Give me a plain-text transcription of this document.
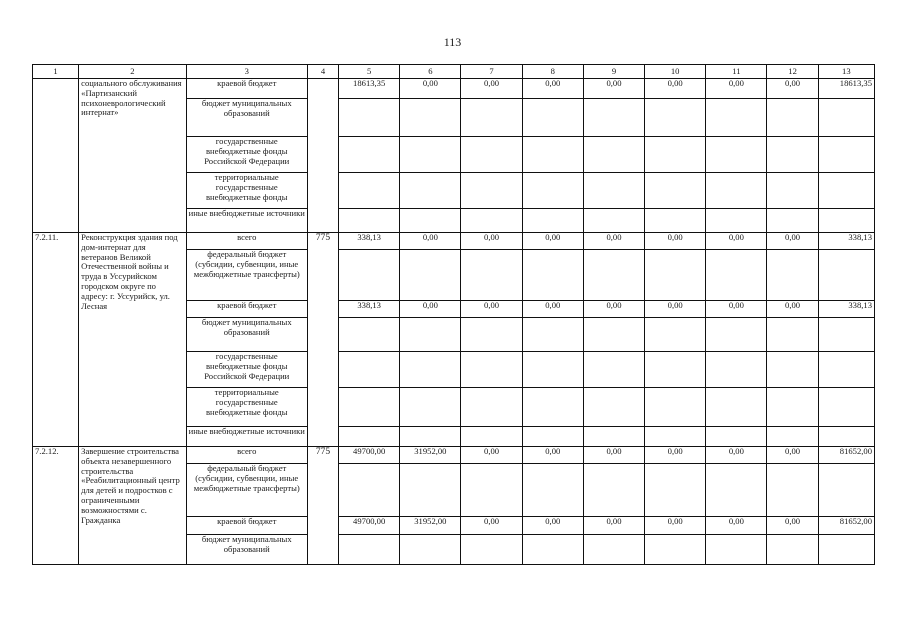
113
1	2	3	4	5	6	7	8	9	10	11	12	13
	социального обслуживания «Партизанский психоневрологический интернат»	краевой бюджет		18613,35	0,00	0,00	0,00	0,00	0,00	0,00	0,00	18613,35
		бюджет муниципальных образований										
		государственные внебюджетные фонды Российской Федерации										
		территориальные государственные внебюджетные фонды										
		иные внебюджетные источники										
7.2.11.	Реконструкция здания под дом-интернат для ветеранов Великой Отечественной войны и труда в Уссурийском городском округе по адресу: г. Уссурийск, ул. Лесная	всего	775	338,13	0,00	0,00	0,00	0,00	0,00	0,00	0,00	338,13
		федеральный бюджет (субсидии, субвенции, иные межбюджетные трансферты)										
		краевой бюджет		338,13	0,00	0,00	0,00	0,00	0,00	0,00	0,00	338,13
		бюджет муниципальных образований										
		государственные внебюджетные фонды Российской Федерации										
		территориальные государственные внебюджетные фонды										
		иные внебюджетные источники										
7.2.12.	Завершение строительства объекта незавершенного строительства «Реабилитационный центр для детей и подростков с ограниченными возможностями с. Гражданка	всего	775	49700,00	31952,00	0,00	0,00	0,00	0,00	0,00	0,00	81652,00
		федеральный бюджет (субсидии, субвенции, иные межбюджетные трансферты)										
		краевой бюджет		49700,00	31952,00	0,00	0,00	0,00	0,00	0,00	0,00	81652,00
		бюджет муниципальных образований										
